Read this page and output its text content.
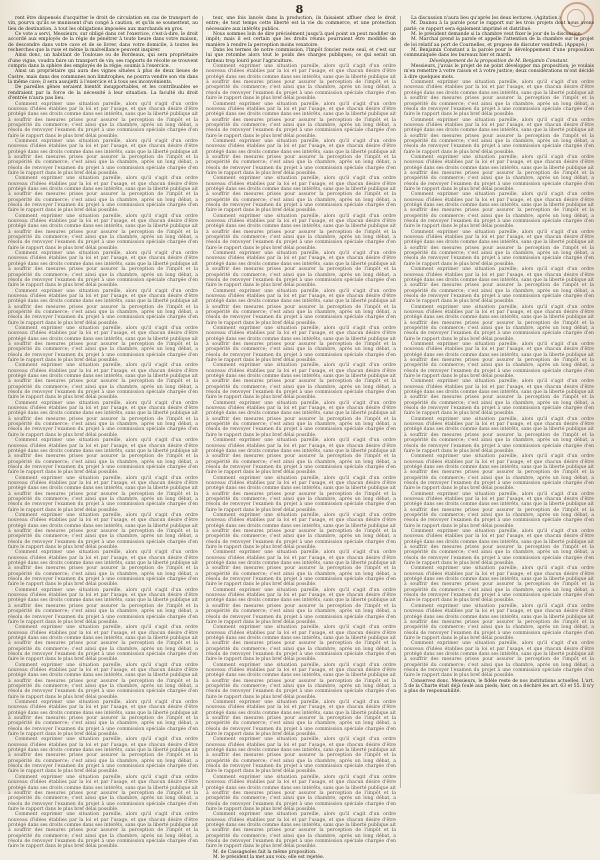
8

rent être dispensés d'acquitter le droit de circulation en cas de transport de vin, pourvu qu'ils se munissent d'un congé à caution, et qu'ils se soumettent, au lieu de destination, à tout les obligations imposées aux marchands en gros.

Ce vote a servi, Messieurs, sur obligé dans cet l'exercice, c'est-à-dire, le droit accordé aux employés de la régie de pénétrer à toute heure dans votre maison, de descendre dans votre cave et de se livrer, dans votre domicile, à toutes les recherches que la ruse et même la malveillance peuvent inspirer.

Ainsi donc, un habitant de Toulouse ou de Bordeaux, qui sera propriétaire d'une vigne, voudra faire un transport de vin; ses rapports de récolte se trouvent compris dans la sphère des employés de la régie; soumis à l'exercice.

Ainsi un propriétaire qui aura des vignes situées à plus de deux lieues de Castre, mais dans des communes non limitrophes, ne pourra vendre son vin dans la même cave; il sera assujetti à l'exercice et à tous ses inconvénients.

De pareilles gênes seraient bientôt insupportables, et les contribuables se rendraient par la force de la nécessité à leur situation. La faculté du droit d'entrée n'aura pas lieu.

Comment exprimer une situation pareille, alors qu'il s'agit d'un ordre nouveau d'idées établies par la loi et par l'usage, et que chacun désire d'être protégé dans ses droits comme dans ses intérêts, sans que la liberté publique ait à souffrir des mesures prises pour assurer la perception de l'impôt et la prospérité du commerce; c'est ainsi que la chambre, après un long débat, a résolu de renvoyer l'examen du projet à une commission spéciale chargée d'en faire le rapport dans le plus bref délai possible.

Comment exprimer une situation pareille, alors qu'il s'agit d'un ordre nouveau d'idées établies par la loi et par l'usage, et que chacun désire d'être protégé dans ses droits comme dans ses intérêts, sans que la liberté publique ait à souffrir des mesures prises pour assurer la perception de l'impôt et la prospérité du commerce; c'est ainsi que la chambre, après un long débat, a résolu de renvoyer l'examen du projet à une commission spéciale chargée d'en faire le rapport dans le plus bref délai possible.

Comment exprimer une situation pareille, alors qu'il s'agit d'un ordre nouveau d'idées établies par la loi et par l'usage, et que chacun désire d'être protégé dans ses droits comme dans ses intérêts, sans que la liberté publique ait à souffrir des mesures prises pour assurer la perception de l'impôt et la prospérité du commerce; c'est ainsi que la chambre, après un long débat, a résolu de renvoyer l'examen du projet à une commission spéciale chargée d'en faire le rapport dans le plus bref délai possible.

Comment exprimer une situation pareille, alors qu'il s'agit d'un ordre nouveau d'idées établies par la loi et par l'usage, et que chacun désire d'être protégé dans ses droits comme dans ses intérêts, sans que la liberté publique ait à souffrir des mesures prises pour assurer la perception de l'impôt et la prospérité du commerce; c'est ainsi que la chambre, après un long débat, a résolu de renvoyer l'examen du projet à une commission spéciale chargée d'en faire le rapport dans le plus bref délai possible.

Comment exprimer une situation pareille, alors qu'il s'agit d'un ordre nouveau d'idées établies par la loi et par l'usage, et que chacun désire d'être protégé dans ses droits comme dans ses intérêts, sans que la liberté publique ait à souffrir des mesures prises pour assurer la perception de l'impôt et la prospérité du commerce; c'est ainsi que la chambre, après un long débat, a résolu de renvoyer l'examen du projet à une commission spéciale chargée d'en faire le rapport dans le plus bref délai possible.

Comment exprimer une situation pareille, alors qu'il s'agit d'un ordre nouveau d'idées établies par la loi et par l'usage, et que chacun désire d'être protégé dans ses droits comme dans ses intérêts, sans que la liberté publique ait à souffrir des mesures prises pour assurer la perception de l'impôt et la prospérité du commerce; c'est ainsi que la chambre, après un long débat, a résolu de renvoyer l'examen du projet à une commission spéciale chargée d'en faire le rapport dans le plus bref délai possible.

Comment exprimer une situation pareille, alors qu'il s'agit d'un ordre nouveau d'idées établies par la loi et par l'usage, et que chacun désire d'être protégé dans ses droits comme dans ses intérêts, sans que la liberté publique ait à souffrir des mesures prises pour assurer la perception de l'impôt et la prospérité du commerce; c'est ainsi que la chambre, après un long débat, a résolu de renvoyer l'examen du projet à une commission spéciale chargée d'en faire le rapport dans le plus bref délai possible.

Comment exprimer une situation pareille, alors qu'il s'agit d'un ordre nouveau d'idées établies par la loi et par l'usage, et que chacun désire d'être protégé dans ses droits comme dans ses intérêts, sans que la liberté publique ait à souffrir des mesures prises pour assurer la perception de l'impôt et la prospérité du commerce; c'est ainsi que la chambre, après un long débat, a résolu de renvoyer l'examen du projet à une commission spéciale chargée d'en faire le rapport dans le plus bref délai possible.

Comment exprimer une situation pareille, alors qu'il s'agit d'un ordre nouveau d'idées établies par la loi et par l'usage, et que chacun désire d'être protégé dans ses droits comme dans ses intérêts, sans que la liberté publique ait à souffrir des mesures prises pour assurer la perception de l'impôt et la prospérité du commerce; c'est ainsi que la chambre, après un long débat, a résolu de renvoyer l'examen du projet à une commission spéciale chargée d'en faire le rapport dans le plus bref délai possible.

Comment exprimer une situation pareille, alors qu'il s'agit d'un ordre nouveau d'idées établies par la loi et par l'usage, et que chacun désire d'être protégé dans ses droits comme dans ses intérêts, sans que la liberté publique ait à souffrir des mesures prises pour assurer la perception de l'impôt et la prospérité du commerce; c'est ainsi que la chambre, après un long débat, a résolu de renvoyer l'examen du projet à une commission spéciale chargée d'en faire le rapport dans le plus bref délai possible.

Comment exprimer une situation pareille, alors qu'il s'agit d'un ordre nouveau d'idées établies par la loi et par l'usage, et que chacun désire d'être protégé dans ses droits comme dans ses intérêts, sans que la liberté publique ait à souffrir des mesures prises pour assurer la perception de l'impôt et la prospérité du commerce; c'est ainsi que la chambre, après un long débat, a résolu de renvoyer l'examen du projet à une commission spéciale chargée d'en faire le rapport dans le plus bref délai possible.

Comment exprimer une situation pareille, alors qu'il s'agit d'un ordre nouveau d'idées établies par la loi et par l'usage, et que chacun désire d'être protégé dans ses droits comme dans ses intérêts, sans que la liberté publique ait à souffrir des mesures prises pour assurer la perception de l'impôt et la prospérité du commerce; c'est ainsi que la chambre, après un long débat, a résolu de renvoyer l'examen du projet à une commission spéciale chargée d'en faire le rapport dans le plus bref délai possible.

Comment exprimer une situation pareille, alors qu'il s'agit d'un ordre nouveau d'idées établies par la loi et par l'usage, et que chacun désire d'être protégé dans ses droits comme dans ses intérêts, sans que la liberté publique ait à souffrir des mesures prises pour assurer la perception de l'impôt et la prospérité du commerce; c'est ainsi que la chambre, après un long débat, a résolu de renvoyer l'examen du projet à une commission spéciale chargée d'en faire le rapport dans le plus bref délai possible.

Comment exprimer une situation pareille, alors qu'il s'agit d'un ordre nouveau d'idées établies par la loi et par l'usage, et que chacun désire d'être protégé dans ses droits comme dans ses intérêts, sans que la liberté publique ait à souffrir des mesures prises pour assurer la perception de l'impôt et la prospérité du commerce; c'est ainsi que la chambre, après un long débat, a résolu de renvoyer l'examen du projet à une commission spéciale chargée d'en faire le rapport dans le plus bref délai possible.

Comment exprimer une situation pareille, alors qu'il s'agit d'un ordre nouveau d'idées établies par la loi et par l'usage, et que chacun désire d'être protégé dans ses droits comme dans ses intérêts, sans que la liberté publique ait à souffrir des mesures prises pour assurer la perception de l'impôt et la prospérité du commerce; c'est ainsi que la chambre, après un long débat, a résolu de renvoyer l'examen du projet à une commission spéciale chargée d'en faire le rapport dans le plus bref délai possible.

Comment exprimer une situation pareille, alors qu'il s'agit d'un ordre nouveau d'idées établies par la loi et par l'usage, et que chacun désire d'être protégé dans ses droits comme dans ses intérêts, sans que la liberté publique ait à souffrir des mesures prises pour assurer la perception de l'impôt et la prospérité du commerce; c'est ainsi que la chambre, après un long débat, a résolu de renvoyer l'examen du projet à une commission spéciale chargée d'en faire le rapport dans le plus bref délai possible.

Comment exprimer une situation pareille, alors qu'il s'agit d'un ordre nouveau d'idées établies par la loi et par l'usage, et que chacun désire d'être protégé dans ses droits comme dans ses intérêts, sans que la liberté publique ait à souffrir des mesures prises pour assurer la perception de l'impôt et la prospérité du commerce; c'est ainsi que la chambre, après un long débat, a résolu de renvoyer l'examen du projet à une commission spéciale chargée d'en faire le rapport dans le plus bref délai possible.

Comment exprimer une situation pareille, alors qu'il s'agit d'un ordre nouveau d'idées établies par la loi et par l'usage, et que chacun désire d'être protégé dans ses droits comme dans ses intérêts, sans que la liberté publique ait à souffrir des mesures prises pour assurer la perception de l'impôt et la prospérité du commerce; c'est ainsi que la chambre, après un long débat, a résolu de renvoyer l'examen du projet à une commission spéciale chargée d'en faire le rapport dans le plus bref délai possible.

Comment exprimer une situation pareille, alors qu'il s'agit d'un ordre nouveau d'idées établies par la loi et par l'usage, et que chacun désire d'être protégé dans ses droits comme dans ses intérêts, sans que la liberté publique ait à souffrir des mesures prises pour assurer la perception de l'impôt et la prospérité du commerce; c'est ainsi que la chambre, après un long débat, a résolu de renvoyer l'examen du projet à une commission spéciale chargée d'en faire le rapport dans le plus bref délai possible.

Comment exprimer une situation pareille, alors qu'il s'agit d'un ordre nouveau d'idées établies par la loi et par l'usage, et que chacun désire d'être protégé dans ses droits comme dans ses intérêts, sans que la liberté publique ait à souffrir des mesures prises pour assurer la perception de l'impôt et la prospérité du commerce; c'est ainsi que la chambre, après un long débat, a résolu de renvoyer l'examen du projet à une commission spéciale chargée d'en faire le rapport dans le plus bref délai possible.

teur, une fois lancés dans la production, ils faisaient affluer chez le droit entre; de tout temps cette liberté est la vie du commerce, et une protection nécessaire aux intérêts publics.

Nous sommes loin de dire précisément jusqu'à quel point on peut modifier un impôt; mais il est certain que les droits réunis pourraient être modifiés de manière à rendre la perception moins vexatoire.

Dans les termes de notre commission, l'impôt foncier reste seul, et c'est sur lui que retombe alors tout le poids des charges publiques; ce qui serait un fardeau trop lourd pour l'agriculture.

Comment exprimer une situation pareille, alors qu'il s'agit d'un ordre nouveau d'idées établies par la loi et par l'usage, et que chacun désire d'être protégé dans ses droits comme dans ses intérêts, sans que la liberté publique ait à souffrir des mesures prises pour assurer la perception de l'impôt et la prospérité du commerce; c'est ainsi que la chambre, après un long débat, a résolu de renvoyer l'examen du projet à une commission spéciale chargée d'en faire le rapport dans le plus bref délai possible.

Comment exprimer une situation pareille, alors qu'il s'agit d'un ordre nouveau d'idées établies par la loi et par l'usage, et que chacun désire d'être protégé dans ses droits comme dans ses intérêts, sans que la liberté publique ait à souffrir des mesures prises pour assurer la perception de l'impôt et la prospérité du commerce; c'est ainsi que la chambre, après un long débat, a résolu de renvoyer l'examen du projet à une commission spéciale chargée d'en faire le rapport dans le plus bref délai possible.

Comment exprimer une situation pareille, alors qu'il s'agit d'un ordre nouveau d'idées établies par la loi et par l'usage, et que chacun désire d'être protégé dans ses droits comme dans ses intérêts, sans que la liberté publique ait à souffrir des mesures prises pour assurer la perception de l'impôt et la prospérité du commerce; c'est ainsi que la chambre, après un long débat, a résolu de renvoyer l'examen du projet à une commission spéciale chargée d'en faire le rapport dans le plus bref délai possible.

Comment exprimer une situation pareille, alors qu'il s'agit d'un ordre nouveau d'idées établies par la loi et par l'usage, et que chacun désire d'être protégé dans ses droits comme dans ses intérêts, sans que la liberté publique ait à souffrir des mesures prises pour assurer la perception de l'impôt et la prospérité du commerce; c'est ainsi que la chambre, après un long débat, a résolu de renvoyer l'examen du projet à une commission spéciale chargée d'en faire le rapport dans le plus bref délai possible.

Comment exprimer une situation pareille, alors qu'il s'agit d'un ordre nouveau d'idées établies par la loi et par l'usage, et que chacun désire d'être protégé dans ses droits comme dans ses intérêts, sans que la liberté publique ait à souffrir des mesures prises pour assurer la perception de l'impôt et la prospérité du commerce; c'est ainsi que la chambre, après un long débat, a résolu de renvoyer l'examen du projet à une commission spéciale chargée d'en faire le rapport dans le plus bref délai possible.

Comment exprimer une situation pareille, alors qu'il s'agit d'un ordre nouveau d'idées établies par la loi et par l'usage, et que chacun désire d'être protégé dans ses droits comme dans ses intérêts, sans que la liberté publique ait à souffrir des mesures prises pour assurer la perception de l'impôt et la prospérité du commerce; c'est ainsi que la chambre, après un long débat, a résolu de renvoyer l'examen du projet à une commission spéciale chargée d'en faire le rapport dans le plus bref délai possible.

Comment exprimer une situation pareille, alors qu'il s'agit d'un ordre nouveau d'idées établies par la loi et par l'usage, et que chacun désire d'être protégé dans ses droits comme dans ses intérêts, sans que la liberté publique ait à souffrir des mesures prises pour assurer la perception de l'impôt et la prospérité du commerce; c'est ainsi que la chambre, après un long débat, a résolu de renvoyer l'examen du projet à une commission spéciale chargée d'en faire le rapport dans le plus bref délai possible.

Comment exprimer une situation pareille, alors qu'il s'agit d'un ordre nouveau d'idées établies par la loi et par l'usage, et que chacun désire d'être protégé dans ses droits comme dans ses intérêts, sans que la liberté publique ait à souffrir des mesures prises pour assurer la perception de l'impôt et la prospérité du commerce; c'est ainsi que la chambre, après un long débat, a résolu de renvoyer l'examen du projet à une commission spéciale chargée d'en faire le rapport dans le plus bref délai possible.

Comment exprimer une situation pareille, alors qu'il s'agit d'un ordre nouveau d'idées établies par la loi et par l'usage, et que chacun désire d'être protégé dans ses droits comme dans ses intérêts, sans que la liberté publique ait à souffrir des mesures prises pour assurer la perception de l'impôt et la prospérité du commerce; c'est ainsi que la chambre, après un long débat, a résolu de renvoyer l'examen du projet à une commission spéciale chargée d'en faire le rapport dans le plus bref délai possible.

Comment exprimer une situation pareille, alors qu'il s'agit d'un ordre nouveau d'idées établies par la loi et par l'usage, et que chacun désire d'être protégé dans ses droits comme dans ses intérêts, sans que la liberté publique ait à souffrir des mesures prises pour assurer la perception de l'impôt et la prospérité du commerce; c'est ainsi que la chambre, après un long débat, a résolu de renvoyer l'examen du projet à une commission spéciale chargée d'en faire le rapport dans le plus bref délai possible.

Comment exprimer une situation pareille, alors qu'il s'agit d'un ordre nouveau d'idées établies par la loi et par l'usage, et que chacun désire d'être protégé dans ses droits comme dans ses intérêts, sans que la liberté publique ait à souffrir des mesures prises pour assurer la perception de l'impôt et la prospérité du commerce; c'est ainsi que la chambre, après un long débat, a résolu de renvoyer l'examen du projet à une commission spéciale chargée d'en faire le rapport dans le plus bref délai possible.

Comment exprimer une situation pareille, alors qu'il s'agit d'un ordre nouveau d'idées établies par la loi et par l'usage, et que chacun désire d'être protégé dans ses droits comme dans ses intérêts, sans que la liberté publique ait à souffrir des mesures prises pour assurer la perception de l'impôt et la prospérité du commerce; c'est ainsi que la chambre, après un long débat, a résolu de renvoyer l'examen du projet à une commission spéciale chargée d'en faire le rapport dans le plus bref délai possible.

Comment exprimer une situation pareille, alors qu'il s'agit d'un ordre nouveau d'idées établies par la loi et par l'usage, et que chacun désire d'être protégé dans ses droits comme dans ses intérêts, sans que la liberté publique ait à souffrir des mesures prises pour assurer la perception de l'impôt et la prospérité du commerce; c'est ainsi que la chambre, après un long débat, a résolu de renvoyer l'examen du projet à une commission spéciale chargée d'en faire le rapport dans le plus bref délai possible.

Comment exprimer une situation pareille, alors qu'il s'agit d'un ordre nouveau d'idées établies par la loi et par l'usage, et que chacun désire d'être protégé dans ses droits comme dans ses intérêts, sans que la liberté publique ait à souffrir des mesures prises pour assurer la perception de l'impôt et la prospérité du commerce; c'est ainsi que la chambre, après un long débat, a résolu de renvoyer l'examen du projet à une commission spéciale chargée d'en faire le rapport dans le plus bref délai possible.

Comment exprimer une situation pareille, alors qu'il s'agit d'un ordre nouveau d'idées établies par la loi et par l'usage, et que chacun désire d'être protégé dans ses droits comme dans ses intérêts, sans que la liberté publique ait à souffrir des mesures prises pour assurer la perception de l'impôt et la prospérité du commerce; c'est ainsi que la chambre, après un long débat, a résolu de renvoyer l'examen du projet à une commission spéciale chargée d'en faire le rapport dans le plus bref délai possible.

Comment exprimer une situation pareille, alors qu'il s'agit d'un ordre nouveau d'idées établies par la loi et par l'usage, et que chacun désire d'être protégé dans ses droits comme dans ses intérêts, sans que la liberté publique ait à souffrir des mesures prises pour assurer la perception de l'impôt et la prospérité du commerce; c'est ainsi que la chambre, après un long débat, a résolu de renvoyer l'examen du projet à une commission spéciale chargée d'en faire le rapport dans le plus bref délai possible.

Comment exprimer une situation pareille, alors qu'il s'agit d'un ordre nouveau d'idées établies par la loi et par l'usage, et que chacun désire d'être protégé dans ses droits comme dans ses intérêts, sans que la liberté publique ait à souffrir des mesures prises pour assurer la perception de l'impôt et la prospérité du commerce; c'est ainsi que la chambre, après un long débat, a résolu de renvoyer l'examen du projet à une commission spéciale chargée d'en faire le rapport dans le plus bref délai possible.

Comment exprimer une situation pareille, alors qu'il s'agit d'un ordre nouveau d'idées établies par la loi et par l'usage, et que chacun désire d'être protégé dans ses droits comme dans ses intérêts, sans que la liberté publique ait à souffrir des mesures prises pour assurer la perception de l'impôt et la prospérité du commerce; c'est ainsi que la chambre, après un long débat, a résolu de renvoyer l'examen du projet à une commission spéciale chargée d'en faire le rapport dans le plus bref délai possible.

Comment exprimer une situation pareille, alors qu'il s'agit d'un ordre nouveau d'idées établies par la loi et par l'usage, et que chacun désire d'être protégé dans ses droits comme dans ses intérêts, sans que la liberté publique ait à souffrir des mesures prises pour assurer la perception de l'impôt et la prospérité du commerce; c'est ainsi que la chambre, après un long débat, a résolu de renvoyer l'examen du projet à une commission spéciale chargée d'en faire le rapport dans le plus bref délai possible.

Comment exprimer une situation pareille, alors qu'il s'agit d'un ordre nouveau d'idées établies par la loi et par l'usage, et que chacun désire d'être protégé dans ses droits comme dans ses intérêts, sans que la liberté publique ait à souffrir des mesures prises pour assurer la perception de l'impôt et la prospérité du commerce; c'est ainsi que la chambre, après un long débat, a résolu de renvoyer l'examen du projet à une commission spéciale chargée d'en faire le rapport dans le plus bref délai possible.

Comment exprimer une situation pareille, alors qu'il s'agit d'un ordre nouveau d'idées établies par la loi et par l'usage, et que chacun désire d'être protégé dans ses droits comme dans ses intérêts, sans que la liberté publique ait à souffrir des mesures prises pour assurer la perception de l'impôt et la prospérité du commerce; c'est ainsi que la chambre, après un long débat, a résolu de renvoyer l'examen du projet à une commission spéciale chargée d'en faire le rapport dans le plus bref délai possible.

M. de Cassagnoles fait la même proposition.

M. le président la met aux voix; elle est rejetée.

La discussion n'aura lieu qu'après les deux lectures. (Agitation.)

M. Daunou à la parole pour le rapport sur les trois projets dont nous avons parlé; ce rapport sera également imprimé et distribué.

M. le président demande si la chambre veut fixer le jour de la discussion.

M. Marchal prend la parole et appelle l'attention de la chambre sur le projet de loi relatif au port de Cournelles, et propose de discuter vendredi. (Appuyé.)

M. Benjamin Constant a la parole pour le développement d'une proposition communiquée dans les bureaux hier et mardi.

Développement de la proposition de M. Benjamin Constant.

Messieurs, j'avais le projet de ne point développer ma proposition; je voulais m'en remettre à votre raison et à votre justice; deux considérations m'ont décidé à dire quelques mots.

Comment exprimer une situation pareille, alors qu'il s'agit d'un ordre nouveau d'idées établies par la loi et par l'usage, et que chacun désire d'être protégé dans ses droits comme dans ses intérêts, sans que la liberté publique ait à souffrir des mesures prises pour assurer la perception de l'impôt et la prospérité du commerce; c'est ainsi que la chambre, après un long débat, a résolu de renvoyer l'examen du projet à une commission spéciale chargée d'en faire le rapport dans le plus bref délai possible.

Comment exprimer une situation pareille, alors qu'il s'agit d'un ordre nouveau d'idées établies par la loi et par l'usage, et que chacun désire d'être protégé dans ses droits comme dans ses intérêts, sans que la liberté publique ait à souffrir des mesures prises pour assurer la perception de l'impôt et la prospérité du commerce; c'est ainsi que la chambre, après un long débat, a résolu de renvoyer l'examen du projet à une commission spéciale chargée d'en faire le rapport dans le plus bref délai possible.

Comment exprimer une situation pareille, alors qu'il s'agit d'un ordre nouveau d'idées établies par la loi et par l'usage, et que chacun désire d'être protégé dans ses droits comme dans ses intérêts, sans que la liberté publique ait à souffrir des mesures prises pour assurer la perception de l'impôt et la prospérité du commerce; c'est ainsi que la chambre, après un long débat, a résolu de renvoyer l'examen du projet à une commission spéciale chargée d'en faire le rapport dans le plus bref délai possible.

Comment exprimer une situation pareille, alors qu'il s'agit d'un ordre nouveau d'idées établies par la loi et par l'usage, et que chacun désire d'être protégé dans ses droits comme dans ses intérêts, sans que la liberté publique ait à souffrir des mesures prises pour assurer la perception de l'impôt et la prospérité du commerce; c'est ainsi que la chambre, après un long débat, a résolu de renvoyer l'examen du projet à une commission spéciale chargée d'en faire le rapport dans le plus bref délai possible.

Comment exprimer une situation pareille, alors qu'il s'agit d'un ordre nouveau d'idées établies par la loi et par l'usage, et que chacun désire d'être protégé dans ses droits comme dans ses intérêts, sans que la liberté publique ait à souffrir des mesures prises pour assurer la perception de l'impôt et la prospérité du commerce; c'est ainsi que la chambre, après un long débat, a résolu de renvoyer l'examen du projet à une commission spéciale chargée d'en faire le rapport dans le plus bref délai possible.

Comment exprimer une situation pareille, alors qu'il s'agit d'un ordre nouveau d'idées établies par la loi et par l'usage, et que chacun désire d'être protégé dans ses droits comme dans ses intérêts, sans que la liberté publique ait à souffrir des mesures prises pour assurer la perception de l'impôt et la prospérité du commerce; c'est ainsi que la chambre, après un long débat, a résolu de renvoyer l'examen du projet à une commission spéciale chargée d'en faire le rapport dans le plus bref délai possible.

Comment exprimer une situation pareille, alors qu'il s'agit d'un ordre nouveau d'idées établies par la loi et par l'usage, et que chacun désire d'être protégé dans ses droits comme dans ses intérêts, sans que la liberté publique ait à souffrir des mesures prises pour assurer la perception de l'impôt et la prospérité du commerce; c'est ainsi que la chambre, après un long débat, a résolu de renvoyer l'examen du projet à une commission spéciale chargée d'en faire le rapport dans le plus bref délai possible.

Comment exprimer une situation pareille, alors qu'il s'agit d'un ordre nouveau d'idées établies par la loi et par l'usage, et que chacun désire d'être protégé dans ses droits comme dans ses intérêts, sans que la liberté publique ait à souffrir des mesures prises pour assurer la perception de l'impôt et la prospérité du commerce; c'est ainsi que la chambre, après un long débat, a résolu de renvoyer l'examen du projet à une commission spéciale chargée d'en faire le rapport dans le plus bref délai possible.

Comment exprimer une situation pareille, alors qu'il s'agit d'un ordre nouveau d'idées établies par la loi et par l'usage, et que chacun désire d'être protégé dans ses droits comme dans ses intérêts, sans que la liberté publique ait à souffrir des mesures prises pour assurer la perception de l'impôt et la prospérité du commerce; c'est ainsi que la chambre, après un long débat, a résolu de renvoyer l'examen du projet à une commission spéciale chargée d'en faire le rapport dans le plus bref délai possible.

Comment exprimer une situation pareille, alors qu'il s'agit d'un ordre nouveau d'idées établies par la loi et par l'usage, et que chacun désire d'être protégé dans ses droits comme dans ses intérêts, sans que la liberté publique ait à souffrir des mesures prises pour assurer la perception de l'impôt et la prospérité du commerce; c'est ainsi que la chambre, après un long débat, a résolu de renvoyer l'examen du projet à une commission spéciale chargée d'en faire le rapport dans le plus bref délai possible.

Comment exprimer une situation pareille, alors qu'il s'agit d'un ordre nouveau d'idées établies par la loi et par l'usage, et que chacun désire d'être protégé dans ses droits comme dans ses intérêts, sans que la liberté publique ait à souffrir des mesures prises pour assurer la perception de l'impôt et la prospérité du commerce; c'est ainsi que la chambre, après un long débat, a résolu de renvoyer l'examen du projet à une commission spéciale chargée d'en faire le rapport dans le plus bref délai possible.

Comment exprimer une situation pareille, alors qu'il s'agit d'un ordre nouveau d'idées établies par la loi et par l'usage, et que chacun désire d'être protégé dans ses droits comme dans ses intérêts, sans que la liberté publique ait à souffrir des mesures prises pour assurer la perception de l'impôt et la prospérité du commerce; c'est ainsi que la chambre, après un long débat, a résolu de renvoyer l'examen du projet à une commission spéciale chargée d'en faire le rapport dans le plus bref délai possible.

Comment exprimer une situation pareille, alors qu'il s'agit d'un ordre nouveau d'idées établies par la loi et par l'usage, et que chacun désire d'être protégé dans ses droits comme dans ses intérêts, sans que la liberté publique ait à souffrir des mesures prises pour assurer la perception de l'impôt et la prospérité du commerce; c'est ainsi que la chambre, après un long débat, a résolu de renvoyer l'examen du projet à une commission spéciale chargée d'en faire le rapport dans le plus bref délai possible.

Comment exprimer une situation pareille, alors qu'il s'agit d'un ordre nouveau d'idées établies par la loi et par l'usage, et que chacun désire d'être protégé dans ses droits comme dans ses intérêts, sans que la liberté publique ait à souffrir des mesures prises pour assurer la perception de l'impôt et la prospérité du commerce; c'est ainsi que la chambre, après un long débat, a résolu de renvoyer l'examen du projet à une commission spéciale chargée d'en faire le rapport dans le plus bref délai possible.

Comment exprimer une situation pareille, alors qu'il s'agit d'un ordre nouveau d'idées établies par la loi et par l'usage, et que chacun désire d'être protégé dans ses droits comme dans ses intérêts, sans que la liberté publique ait à souffrir des mesures prises pour assurer la perception de l'impôt et la prospérité du commerce; c'est ainsi que la chambre, après un long débat, a résolu de renvoyer l'examen du projet à une commission spéciale chargée d'en faire le rapport dans le plus bref délai possible.

Comment exprimer une situation pareille, alors qu'il s'agit d'un ordre nouveau d'idées établies par la loi et par l'usage, et que chacun désire d'être protégé dans ses droits comme dans ses intérêts, sans que la liberté publique ait à souffrir des mesures prises pour assurer la perception de l'impôt et la prospérité du commerce; c'est ainsi que la chambre, après un long débat, a résolu de renvoyer l'examen du projet à une commission spéciale chargée d'en faire le rapport dans le plus bref délai possible.

Conservez donc, Messieurs, le fidèle reste de nos institutions actuelles. L'art. 5 de la Charte était déjà foulé aux pieds; hier, on a déchiré les art. 63 et 55. Il n'y a plus de responsabilité.
